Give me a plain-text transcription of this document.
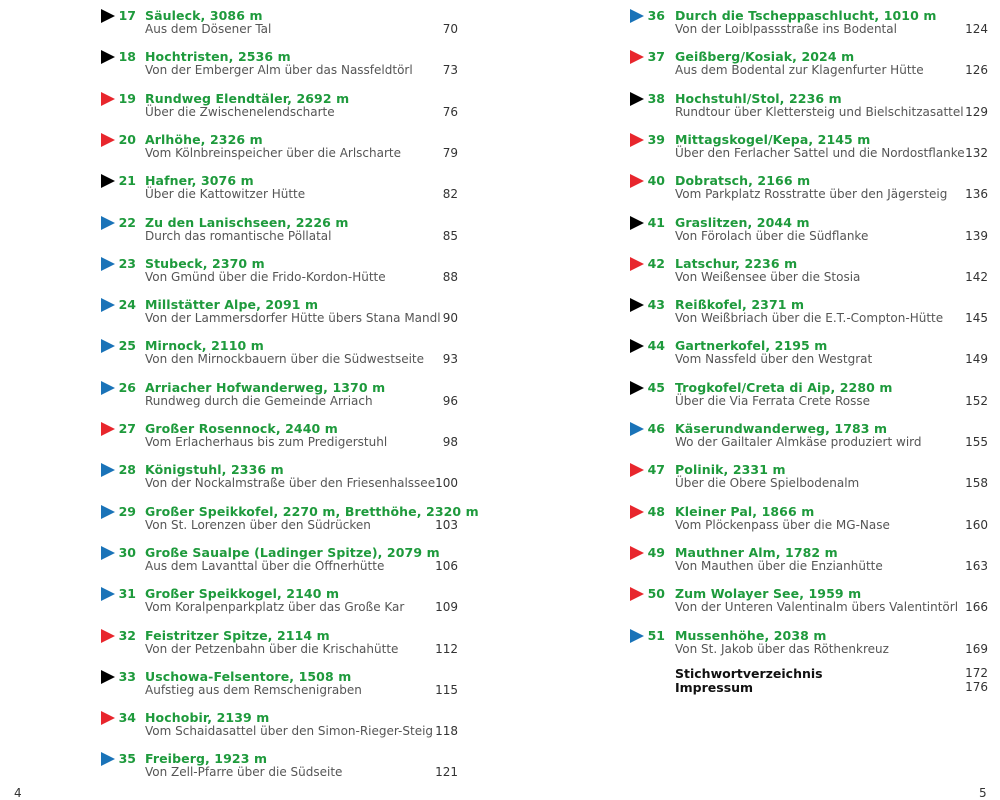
17 Säuleck, 3086 m
Aus dem Dösener Tal	70
18 Hochtristen, 2536 m
Von der Emberger Alm über das Nassfeldtörl	73
19 Rundweg Elendtäler, 2692 m
Über die Zwischenelendscharte	76
20 Arlhöhe, 2326 m
Vom Kölnbreinspeicher über die Arlscharte	79
21 Hafner, 3076 m
Über die Kattowitzer Hütte	82
22 Zu den Lanischseen, 2226 m
Durch das romantische Pöllatal	85
23 Stubeck, 2370 m
Von Gmünd über die Frido-Kordon-Hütte	88
24 Millstätter Alpe, 2091 m
Von der Lammersdorfer Hütte übers Stana Mandl 90
25 Mirnock, 2110 m
Von den Mirnockbauern über die Südwestseite	93
26 Arriacher Hofwanderweg, 1370 m
Rundweg durch die Gemeinde Arriach	96
27 Großer Rosennock, 2440 m
Vom Erlacherhaus bis zum Predigerstuhl	98
28 Königstuhl, 2336 m
Von der Nockalmstraße über den Friesenhalssee 100
29 Großer Speikkofel, 2270 m, Bretthöhe, 2320 m
Von St. Lorenzen über den Südrücken	103
30 Große Saualpe (Ladinger Spitze), 2079 m
Aus dem Lavanttal über die Offnerhütte	106
31 Großer Speikkogel, 2140 m
Vom Koralpenparkplatz über das Große Kar	109
32 Feistritzer Spitze, 2114 m
Von der Petzenbahn über die Krischahütte	112
33 Uschowa-Felsentore, 1508 m
Aufstieg aus dem Remschenigraben	115
34 Hochobir, 2139 m
Vom Schaidasattel über den Simon-Rieger-Steig 118
35 Freiberg, 1923 m
Von Zell-Pfarre über die Südseite	121
Stichwortverzeichnis	172
Impressum	176
36 Durch die Tscheppaschlucht, 1010 m
Von der Loiblpassstraße ins Bodental	124
37 Geißberg/Kosiak, 2024 m
Aus dem Bodental zur Klagenfurter Hütte	126
38 Hochstuhl/Stol, 2236 m
Rundtour über Klettersteig und Bielschitzasattel 129
39 Mittagskogel/Kepa, 2145 m
Über den Ferlacher Sattel und die Nordostflanke 132
40 Dobratsch, 2166 m
Vom Parkplatz Rosstratte über den Jägersteig	136
41 Graslitzen, 2044 m
Von Förolach über die Südflanke	139
42 Latschur, 2236 m
Von Weißensee über die Stosia	142
43 Reißkofel, 2371 m
Von Weißbriach über die E.T.-Compton-Hütte	145
44 Gartnerkofel, 2195 m
Vom Nassfeld über den Westgrat	149
45 Trogkofel/Creta di Aip, 2280 m
Über die Via Ferrata Crete Rosse	152
46 Käserundwanderweg, 1783 m
Wo der Gailtaler Almkäse produziert wird	155
47 Polinik, 2331 m
Über die Obere Spielbodenalm	158
48 Kleiner Pal, 1866 m
Vom Plöckenpass über die MG-Nase	160
49 Mauthner Alm, 1782 m
Von Mauthen über die Enzianhütte	163
50 Zum Wolayer See, 1959 m
Von der Unteren Valentinalm übers Valentintörl 166
51 Mussenhöhe, 2038 m
Von St. Jakob über das Röthenkreuz	169
4	5
